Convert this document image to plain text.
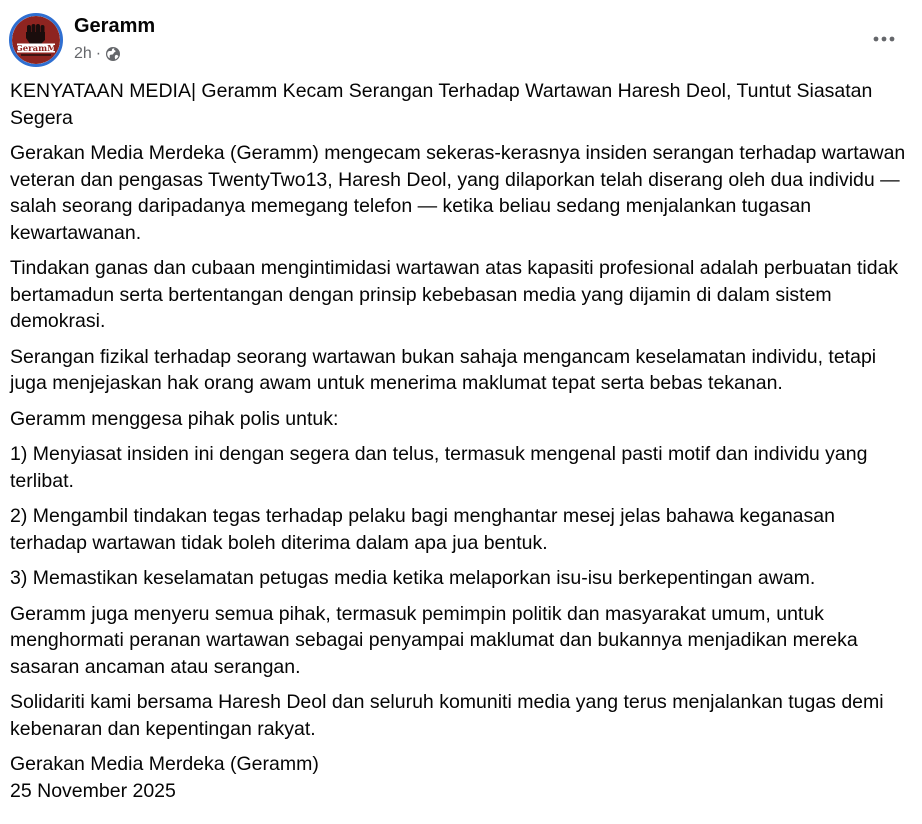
GeramM
Geramm
2h ·

KENYATAAN MEDIA| Geramm Kecam Serangan Terhadap Wartawan Haresh Deol, Tuntut Siasatan Segera

Gerakan Media Merdeka (Geramm) mengecam sekeras-kerasnya insiden serangan terhadap wartawan veteran dan pengasas TwentyTwo13, Haresh Deol, yang dilaporkan telah diserang oleh dua individu — salah seorang daripadanya memegang telefon — ketika beliau sedang menjalankan tugasan kewartawanan.

Tindakan ganas dan cubaan mengintimidasi wartawan atas kapasiti profesional adalah perbuatan tidak bertamadun serta bertentangan dengan prinsip kebebasan media yang dijamin di dalam sistem demokrasi.

Serangan fizikal terhadap seorang wartawan bukan sahaja mengancam keselamatan individu, tetapi juga menjejaskan hak orang awam untuk menerima maklumat tepat serta bebas tekanan.

Geramm menggesa pihak polis untuk:

1) Menyiasat insiden ini dengan segera dan telus, termasuk mengenal pasti motif dan individu yang terlibat.

2) Mengambil tindakan tegas terhadap pelaku bagi menghantar mesej jelas bahawa keganasan terhadap wartawan tidak boleh diterima dalam apa jua bentuk.

3) Memastikan keselamatan petugas media ketika melaporkan isu-isu berkepentingan awam.

Geramm juga menyeru semua pihak, termasuk pemimpin politik dan masyarakat umum, untuk menghormati peranan wartawan sebagai penyampai maklumat dan bukannya menjadikan mereka sasaran ancaman atau serangan.

Solidariti kami bersama Haresh Deol dan seluruh komuniti media yang terus menjalankan tugas demi kebenaran dan kepentingan rakyat.

Gerakan Media Merdeka (Geramm)

25 November 2025
